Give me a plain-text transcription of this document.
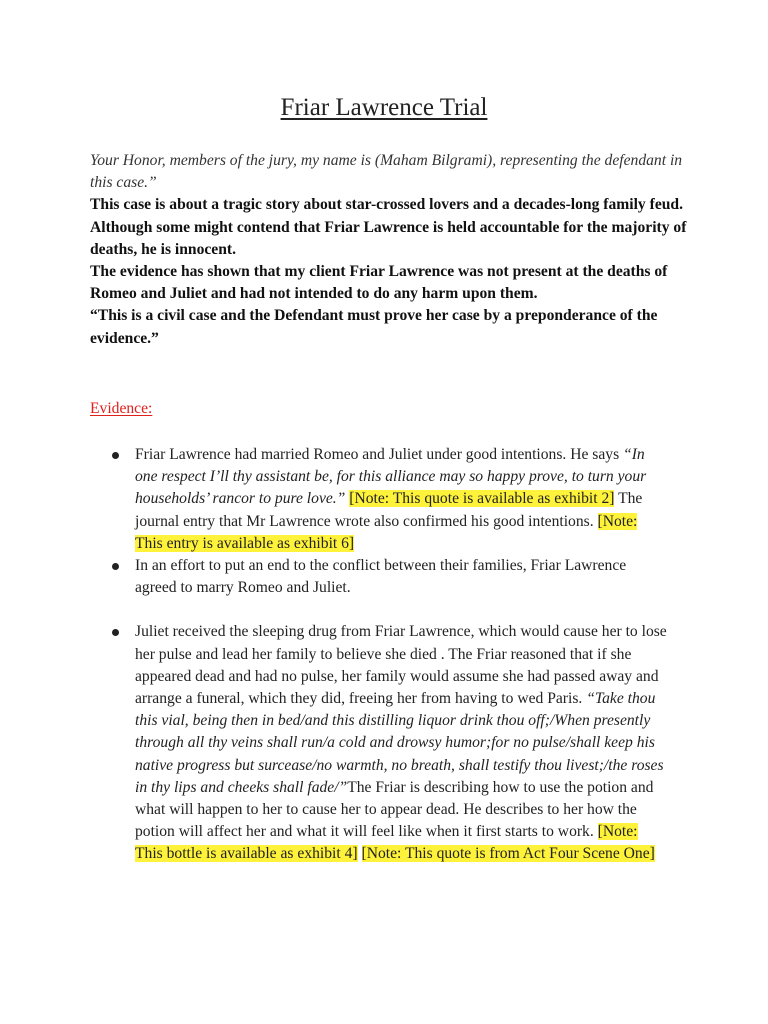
Friar Lawrence Trial

Your Honor, members of the jury, my name is (Maham Bilgrami), representing the defendant in this case.”

This case is about a tragic story about star-crossed lovers and a decades-long family feud.

Although some might contend that Friar Lawrence is held accountable for the majority of deaths, he is innocent.

The evidence has shown that my client Friar Lawrence was not present at the deaths of Romeo and Juliet and had not intended to do any harm upon them.

“This is a civil case and the Defendant must prove her case by a preponderance of the evidence.”

Evidence:
Friar Lawrence had married Romeo and Juliet under good intentions. He says “In one respect I’ll thy assistant be, for this alliance may so happy prove, to turn your households’ rancor to pure love.” [Note: This quote is available as exhibit 2] The journal entry that Mr Lawrence wrote also confirmed his good intentions. [Note: This entry is available as exhibit 6]
In an effort to put an end to the conflict between their families, Friar Lawrence agreed to marry Romeo and Juliet.
Juliet received the sleeping drug from Friar Lawrence, which would cause her to lose her pulse and lead her family to believe she died . The Friar reasoned that if she appeared dead and had no pulse, her family would assume she had passed away and arrange a funeral, which they did, freeing her from having to wed Paris. “Take thou this vial, being then in bed/and this distilling liquor drink thou off;/When presently through all thy veins shall run/a cold and drowsy humor;for no pulse/shall keep his native progress but surcease/no warmth, no breath, shall testify thou livest;/the roses in thy lips and cheeks shall fade/”The Friar is describing how to use the potion and what will happen to her to cause her to appear dead. He describes to her how the potion will affect her and what it will feel like when it first starts to work. [Note: This bottle is available as exhibit 4] [Note: This quote is from Act Four Scene One]
